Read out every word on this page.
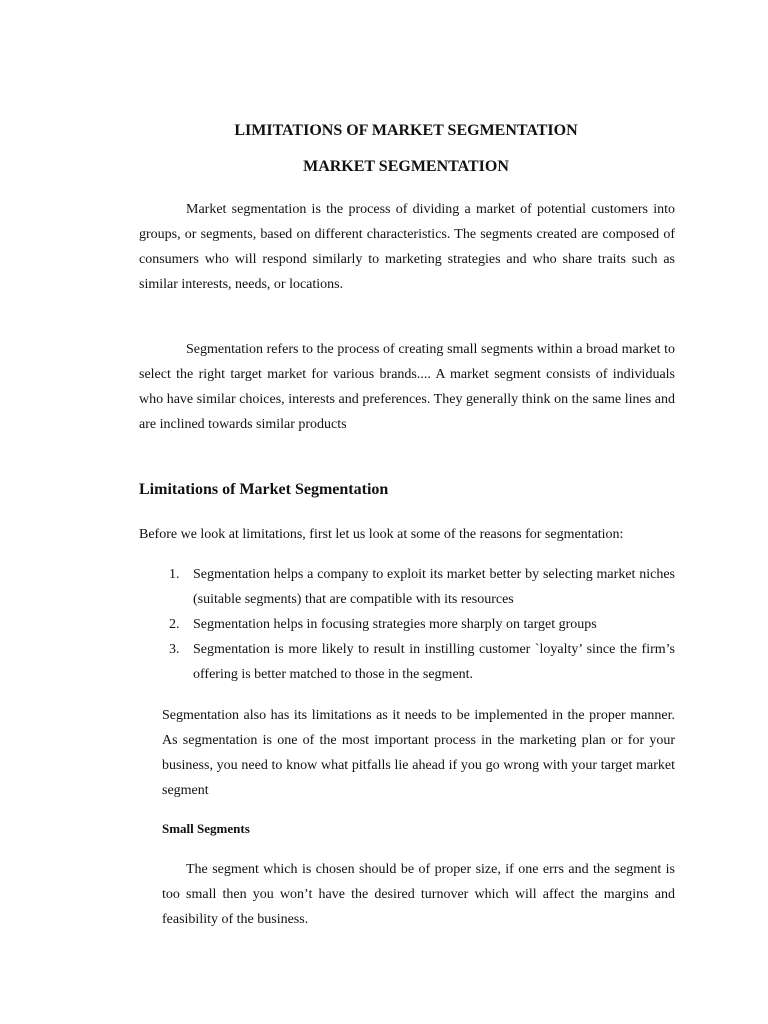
LIMITATIONS OF MARKET SEGMENTATION
MARKET SEGMENTATION

Market segmentation is the process of dividing a market of potential customers into groups, or segments, based on different characteristics. The segments created are composed of consumers who will respond similarly to marketing strategies and who share traits such as similar interests, needs, or locations.

Segmentation refers to the process of creating small segments within a broad market to select the right target market for various brands.... A market segment consists of individuals who have similar choices, interests and preferences. They generally think on the same lines and are inclined towards similar products

Limitations of Market Segmentation

Before we look at limitations, first let us look at some of the reasons for segmentation:

1. Segmentation helps a company to exploit its market better by selecting market niches (suitable segments) that are compatible with its resources
2. Segmentation helps in focusing strategies more sharply on target groups
3. Segmentation is more likely to result in instilling customer `loyalty’ since the firm’s offering is better matched to those in the segment.

Segmentation also has its limitations as it needs to be implemented in the proper manner. As segmentation is one of the most important process in the marketing plan or for your business, you need to know what pitfalls lie ahead if you go wrong with your target market segment

Small Segments

The segment which is chosen should be of proper size, if one errs and the segment is too small then you won’t have the desired turnover which will affect the margins and feasibility of the business.
